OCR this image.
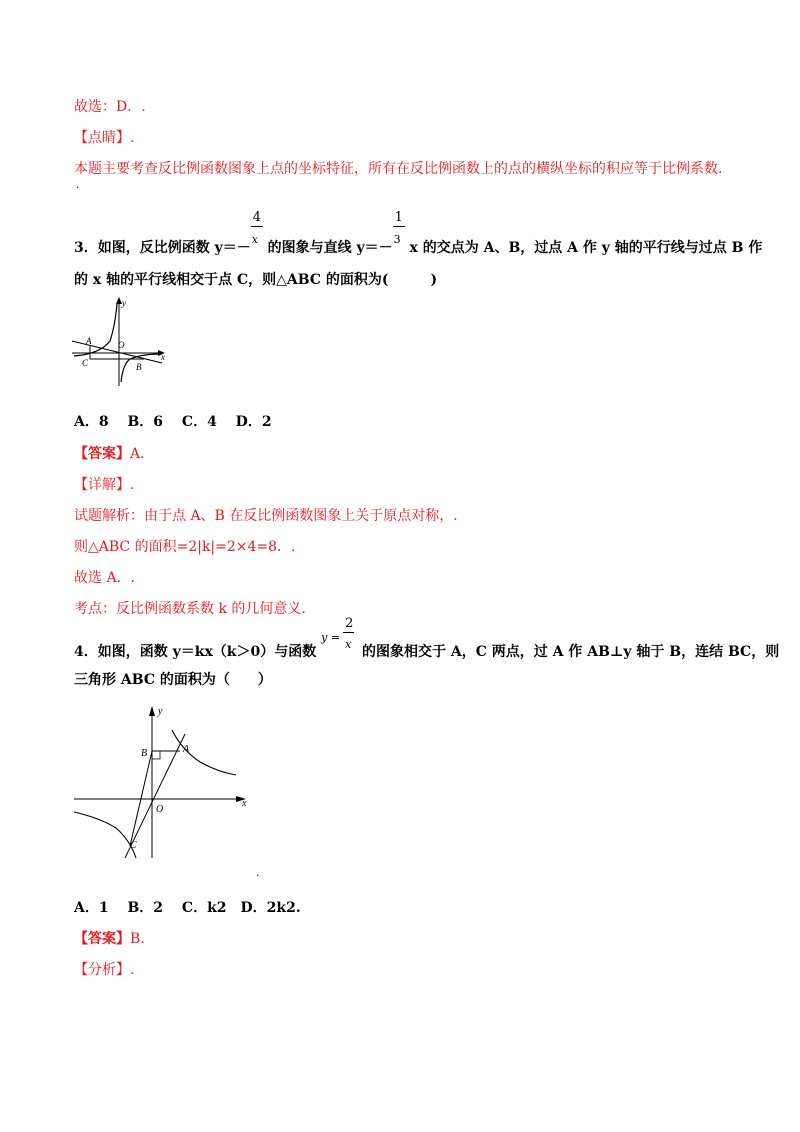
故选：D．.
【点睛】.
本题主要考查反比例函数图象上点的坐标特征，所有在反比例函数上的点的横纵坐标的积应等于比例系数.
.
3．如图，反比例函数 $y=- \frac{4}{x}$ 的图象与直线 $y=- \frac{1}{3}$ x 的交点为 A、B，过点 A 作 y 轴的平行线与过点 B 作
的 x 轴的平行线相交于点 C，则△ABC 的面积为(　　　)
y
x
A	O
C	B
A．8　 B．6　 C．4　 D．2
【答案】A.
【详解】.
试题解析：由于点 A、B 在反比例函数图象上关于原点对称，.
则△ABC 的面积=2|k|=2×4=8．.
故选 A．.
考点：反比例函数系数 k 的几何意义.
4．如图，函数 y＝kx（k＞0）与函数
y =
2
x 的图象相交于 A，C 两点，过 A 作 AB⊥y 轴于 B，连结 BC，则
三角形 ABC 的面积为（　　）
y
x
A
B
O
C
.
A．1　 B．2　 C．k2　D．2k2.
【答案】B.
【分析】.
